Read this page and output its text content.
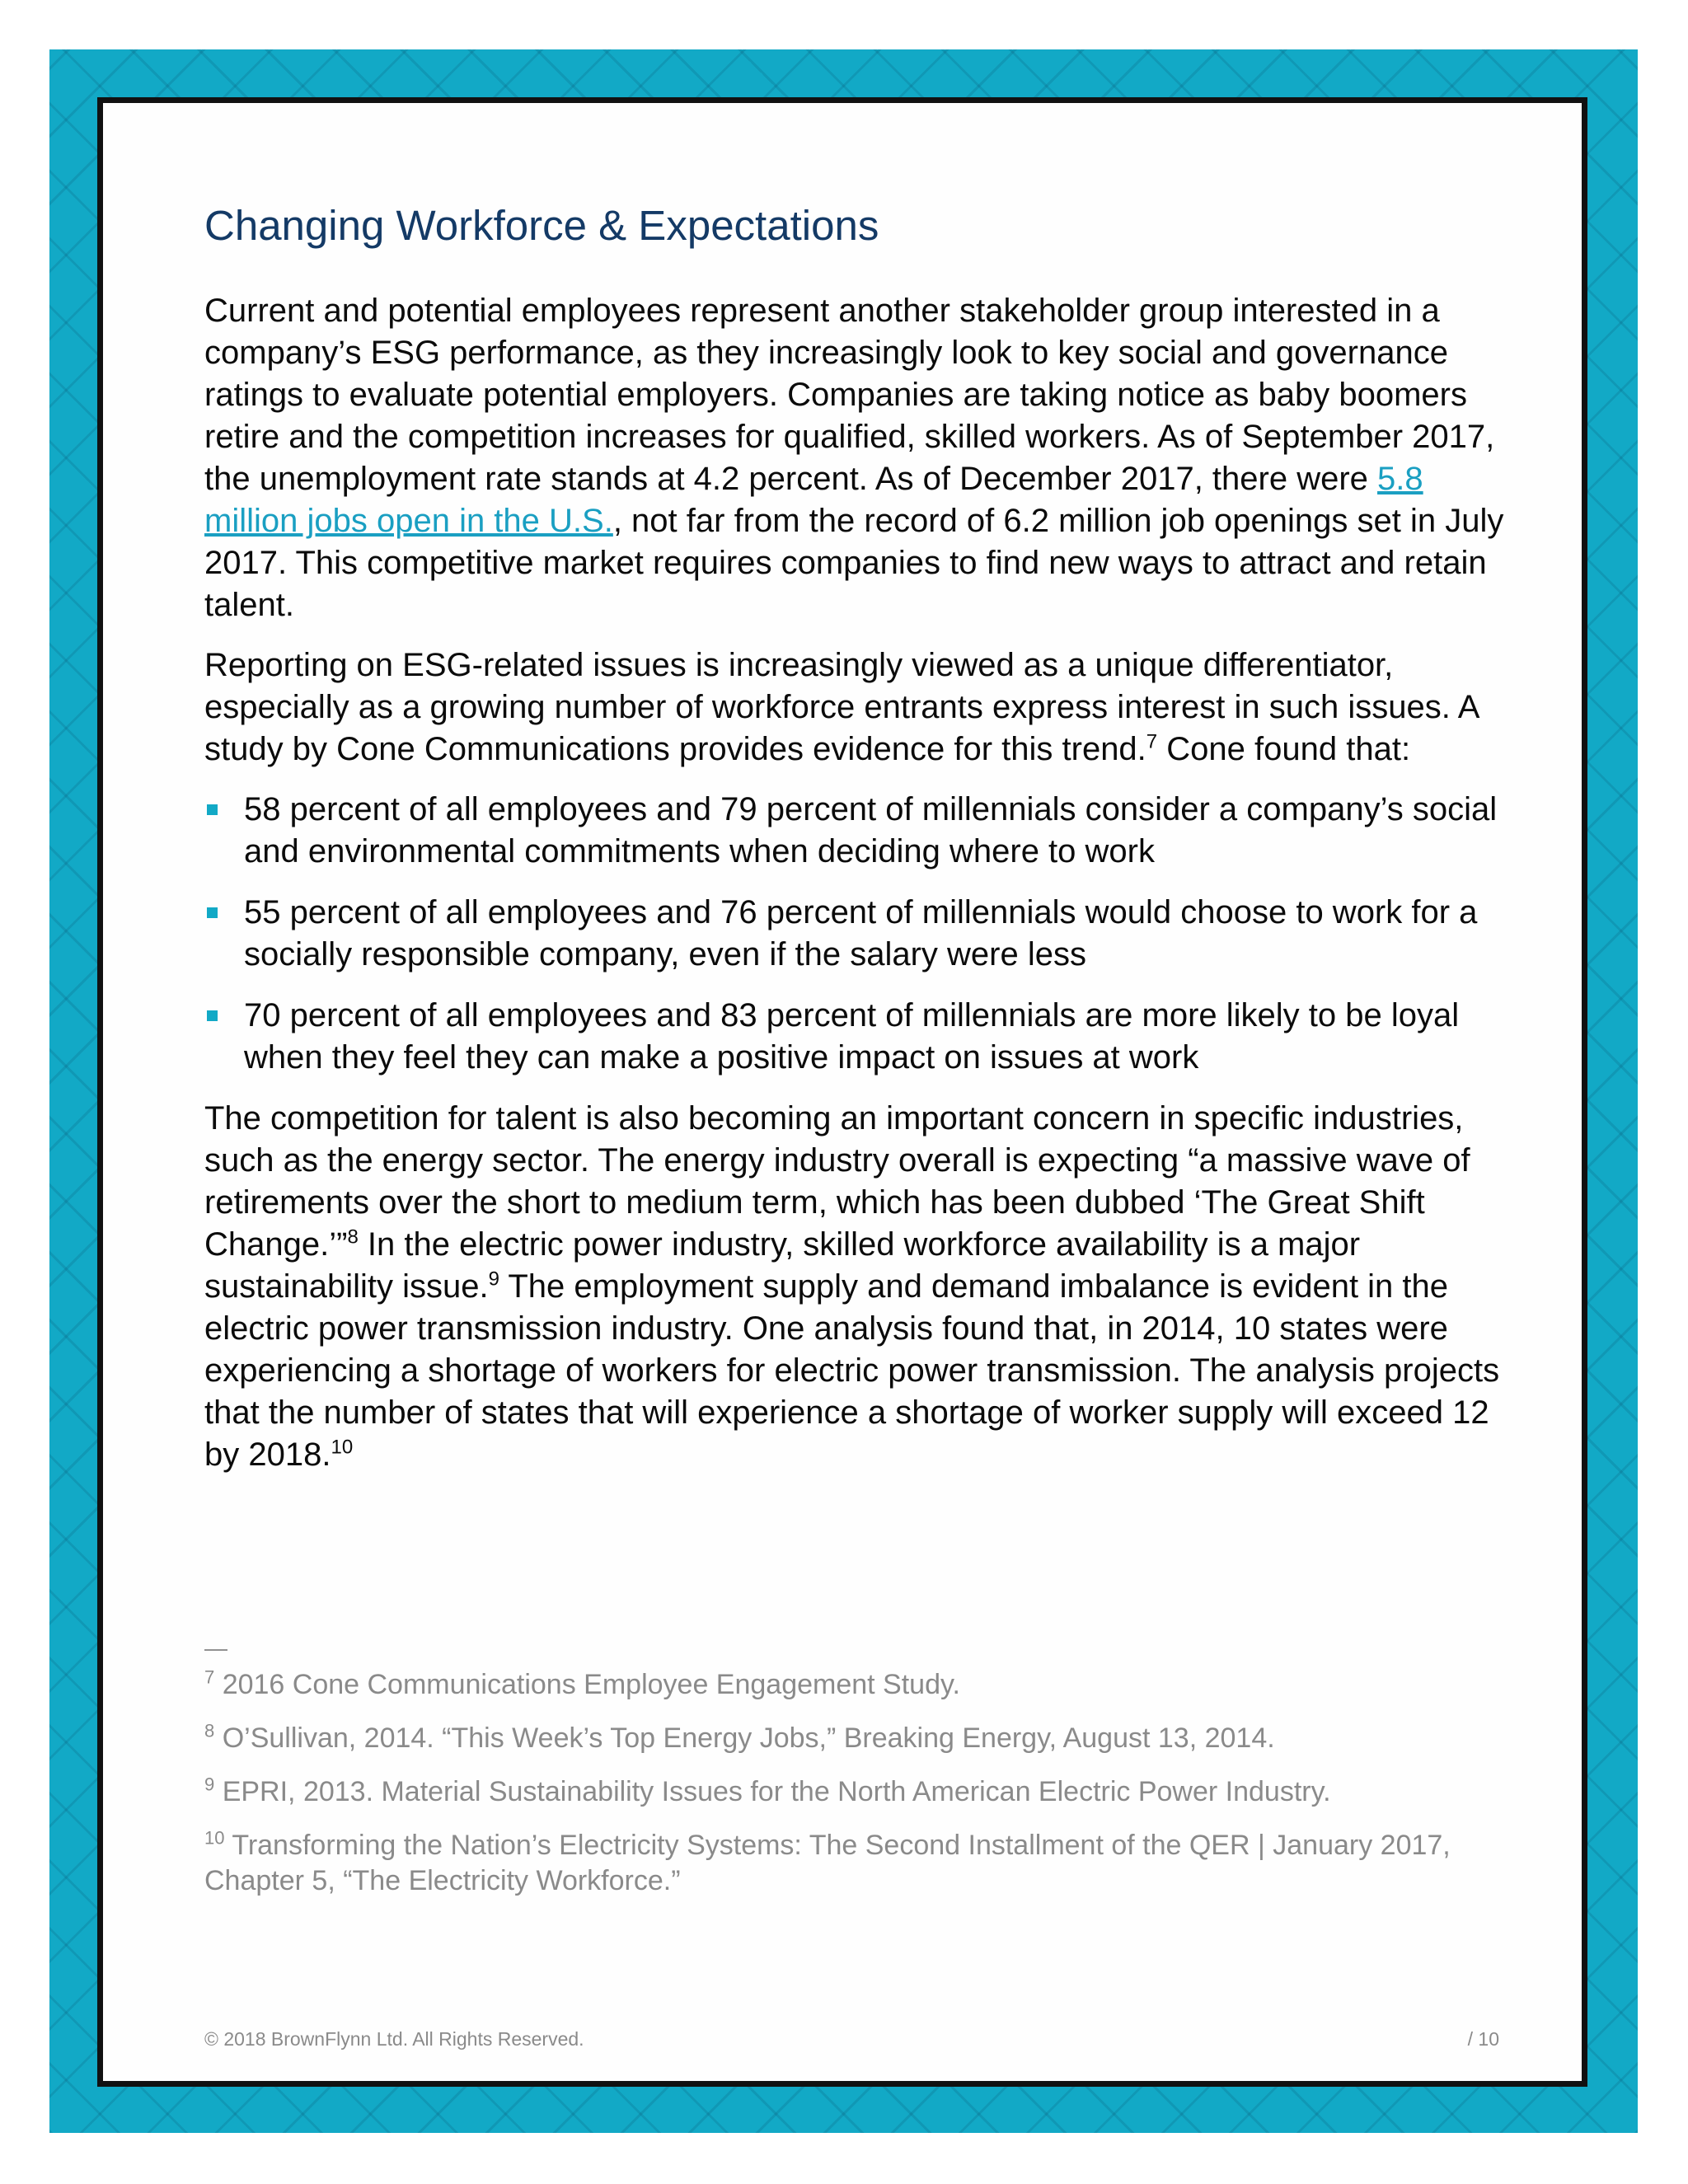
Changing Workforce & Expectations

Current and potential employees represent another stakeholder group interested in a company’s ESG performance, as they increasingly look to key social and governance ratings to evaluate potential employers. Companies are taking notice as baby boomers retire and the competition increases for qualified, skilled workers. As of September 2017, the unemployment rate stands at 4.2 percent. As of December 2017, there were 5.8 million jobs open in the U.S., not far from the record of 6.2 million job openings set in July 2017. This competitive market requires companies to find new ways to attract and retain talent.

Reporting on ESG-related issues is increasingly viewed as a unique differentiator, especially as a growing number of workforce entrants express interest in such issues. A study by Cone Communications provides evidence for this trend.$^7$ Cone found that:

58 percent of all employees and 79 percent of millennials consider a company’s social and environmental commitments when deciding where to work
55 percent of all employees and 76 percent of millennials would choose to work for a socially responsible company, even if the salary were less
70 percent of all employees and 83 percent of millennials are more likely to be loyal when they feel they can make a positive impact on issues at work

The competition for talent is also becoming an important concern in specific industries, such as the energy sector. The energy industry overall is expecting “a massive wave of retirements over the short to medium term, which has been dubbed ‘The Great Shift Change.’”$^8$ In the electric power industry, skilled workforce availability is a major sustainability issue.$^9$ The employment supply and demand imbalance is evident in the electric power transmission industry. One analysis found that, in 2014, 10 states were experiencing a shortage of workers for electric power transmission. The analysis projects that the number of states that will experience a shortage of worker supply will exceed 12 by 2018.10

—

$^7$ 2016 Cone Communications Employee Engagement Study.

$^8$ O’Sullivan, 2014. “This Week’s Top Energy Jobs,” Breaking Energy, August 13, 2014.

$^9$ EPRI, 2013. Material Sustainability Issues for the North American Electric Power Industry.

$^{10}$ Transforming the Nation’s Electricity Systems: The Second Installment of the QER | January 2017, Chapter 5, “The Electricity Workforce.”

© 2018 BrownFlynn Ltd. All Rights Reserved.	/ 10
